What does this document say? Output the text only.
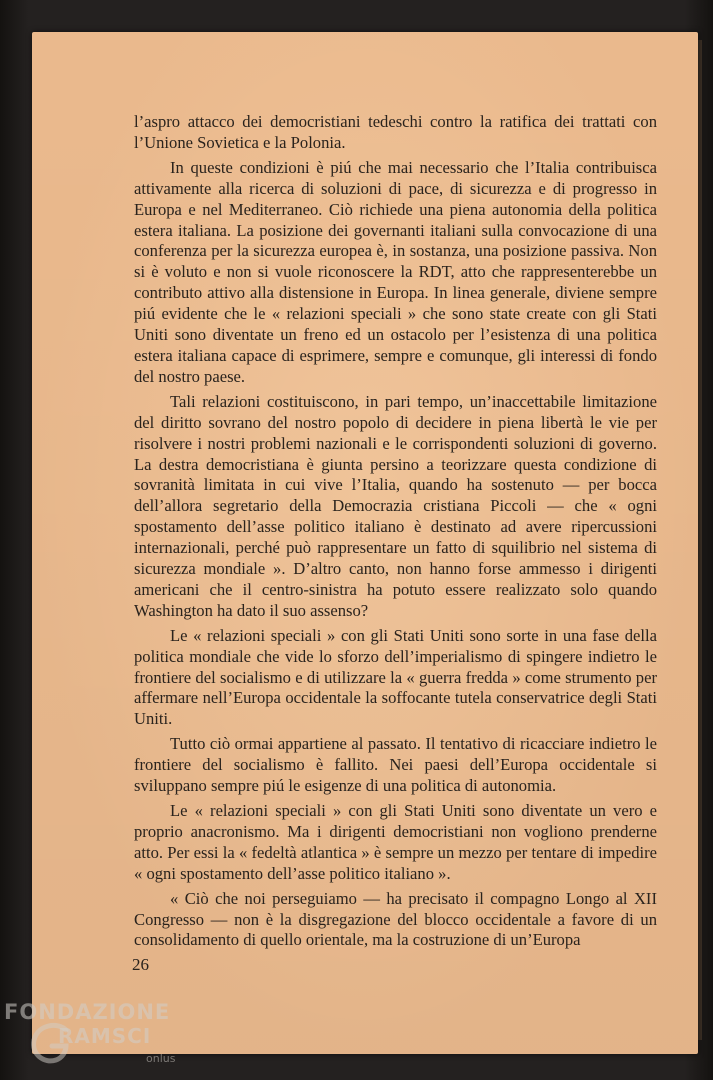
l’aspro attacco dei democristiani tedeschi contro la ratifica dei trattati con l’Unione Sovietica e la Polonia.

In queste condizioni è piú che mai necessario che l’Italia contribuisca attivamente alla ricerca di soluzioni di pace, di sicurezza e di progresso in Europa e nel Mediterraneo. Ciò richiede una piena autonomia della politica estera italiana. La posizione dei governanti italiani sulla convocazione di una conferenza per la sicurezza europea è, in sostanza, una posizione passiva. Non si è voluto e non si vuole riconoscere la RDT, atto che rappresenterebbe un contributo attivo alla distensione in Europa. In linea generale, diviene sempre piú evidente che le « relazioni speciali » che sono state create con gli Stati Uniti sono diventate un freno ed un ostacolo per l’esistenza di una politica estera italiana capace di esprimere, sempre e comunque, gli interessi di fondo del nostro paese.

Tali relazioni costituiscono, in pari tempo, un’inaccettabile limitazione del diritto sovrano del nostro popolo di decidere in piena libertà le vie per risolvere i nostri problemi nazionali e le corrispondenti soluzioni di governo. La destra democristiana è giunta persino a teorizzare questa condizione di sovranità limitata in cui vive l’Italia, quando ha sostenuto — per bocca dell’allora segretario della Democrazia cristiana Piccoli — che « ogni spostamento dell’asse politico italiano è destinato ad avere ripercussioni internazionali, perché può rappresentare un fatto di squilibrio nel sistema di sicurezza mondiale ». D’altro canto, non hanno forse ammesso i dirigenti americani che il centro-sinistra ha potuto essere realizzato solo quando Washington ha dato il suo assenso?

Le « relazioni speciali » con gli Stati Uniti sono sorte in una fase della politica mondiale che vide lo sforzo dell’imperialismo di spingere indietro le frontiere del socialismo e di utilizzare la « guerra fredda » come strumento per affermare nell’Europa occidentale la soffocante tutela conservatrice degli Stati Uniti.

Tutto ciò ormai appartiene al passato. Il tentativo di ricacciare indietro le frontiere del socialismo è fallito. Nei paesi dell’Europa occidentale si sviluppano sempre piú le esigenze di una politica di autonomia.

Le « relazioni speciali » con gli Stati Uniti sono diventate un vero e proprio anacronismo. Ma i dirigenti democristiani non vogliono prenderne atto. Per essi la « fedeltà atlantica » è sempre un mezzo per tentare di impedire « ogni spostamento dell’asse politico italiano ».

« Ciò che noi perseguiamo — ha precisato il compagno Longo al XII Congresso — non è la disgregazione del blocco occidentale a favore di un consolidamento di quello orientale, ma la costruzione di un’Europa

26
FONDAZIONE
RAMSCI
onlus
